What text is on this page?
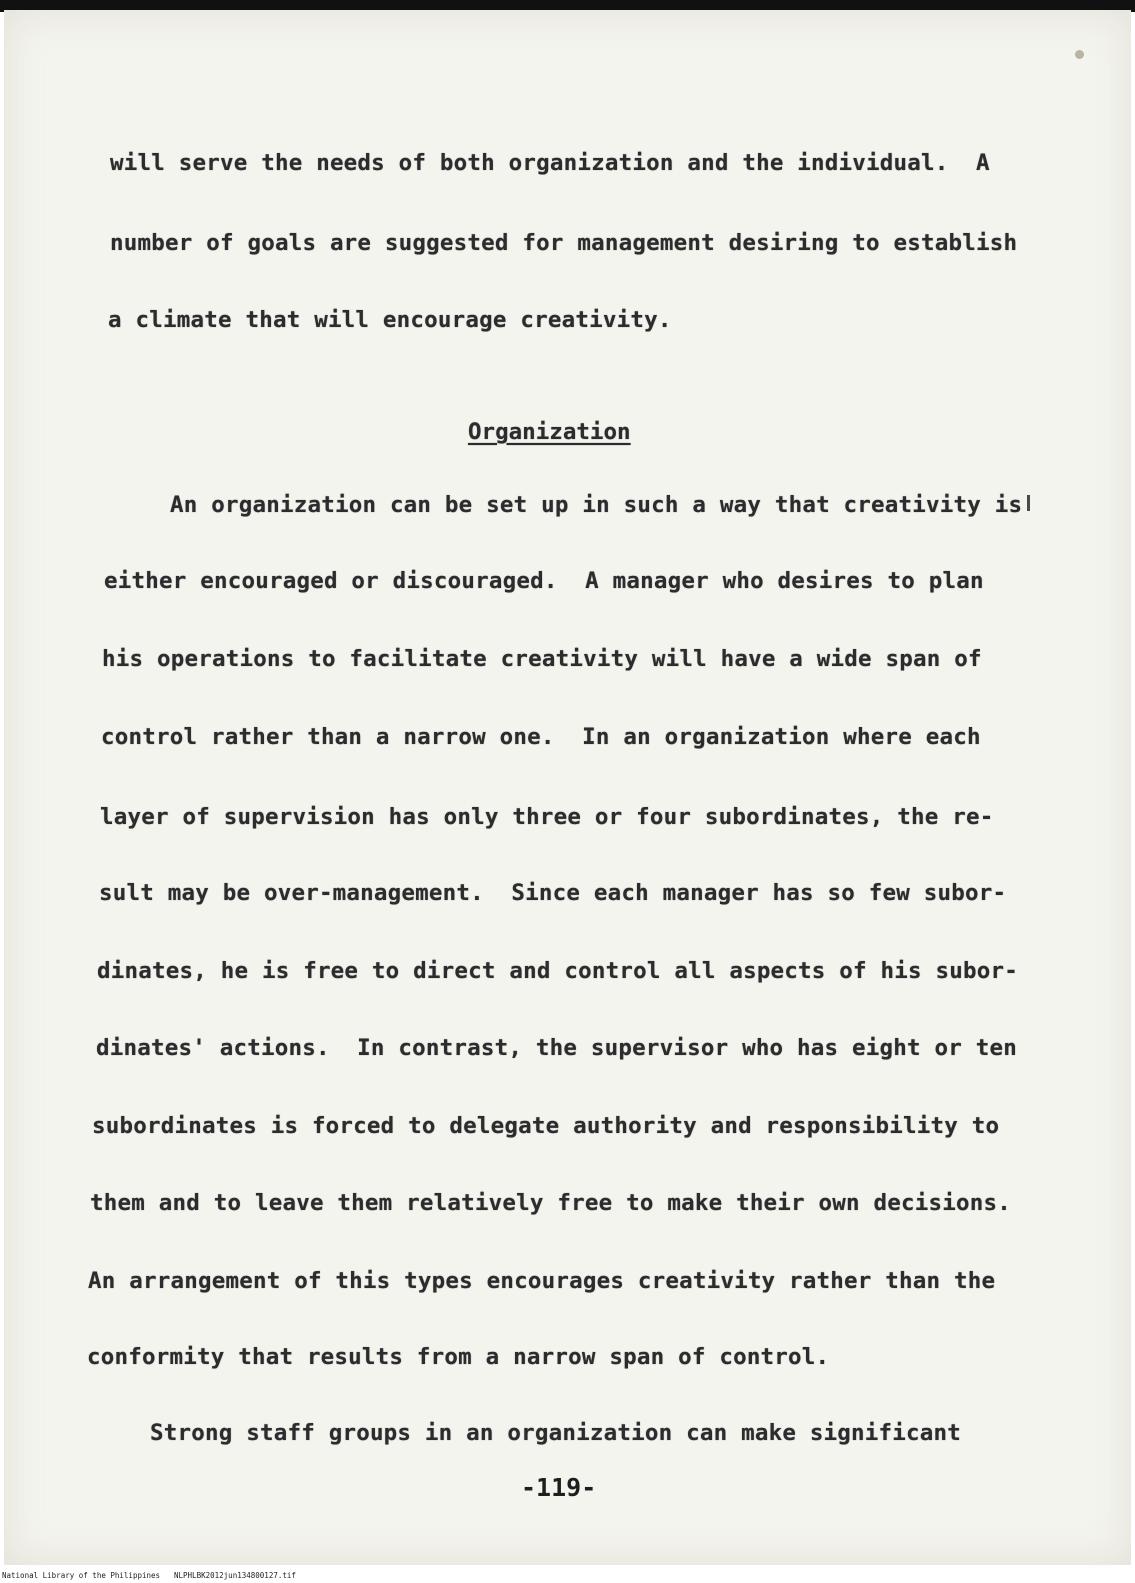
will serve the needs of both organization and the individual.  A

number of goals are suggested for management desiring to establish

a climate that will encourage creativity.

Organization

An organization can be set up in such a way that creativity is

either encouraged or discouraged.  A manager who desires to plan

his operations to facilitate creativity will have a wide span of

control rather than a narrow one.  In an organization where each

layer of supervision has only three or four subordinates, the re-

sult may be over-management.  Since each manager has so few subor-

dinates, he is free to direct and control all aspects of his subor-

dinates' actions.  In contrast, the supervisor who has eight or ten

subordinates is forced to delegate authority and responsibility to

them and to leave them relatively free to make their own decisions.

An arrangement of this types encourages creativity rather than the

conformity that results from a narrow span of control.

Strong staff groups in an organization can make significant

-119-

National Library of the Philippines NLPHLBK2012jun134800127.tif
